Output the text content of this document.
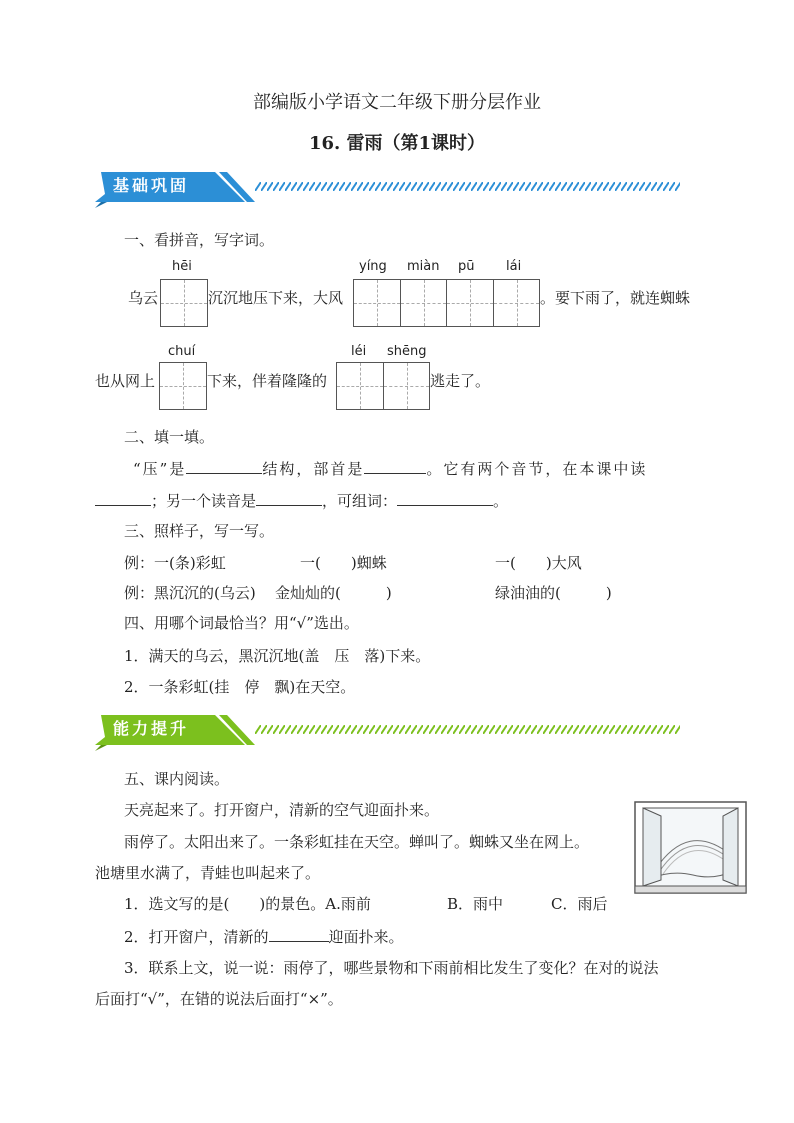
部编版小学语文二年级下册分层作业
16. 雷雨（第1课时）
基础巩固
一、看拼音，写字词。
hēi
乌云	沉沉地压下来，大风
yíng miàn pū lái
。要下雨了，就连蜘蛛
chuí
也从网上	下来，伴着隆隆的
léi shēng
逃走了。
二、填一填。
“压”是	结构，部首是	。它有两个音节，在本课中读
；另一个读音是	，可组词：	。
三、照样子，写一写。
例：一(条)彩虹	一(　　)蜘蛛	一(　　)大风
例：黑沉沉的(乌云) 金灿灿的(　　　)	绿油油的(　　　)
四、用哪个词最恰当？用“√”选出。
1．满天的乌云，黑沉沉地(盖　压　落)下来。
2．一条彩虹(挂　停　飘)在天空。
能力提升
五、课内阅读。
天亮起来了。打开窗户，清新的空气迎面扑来。
雨停了。太阳出来了。一条彩虹挂在天空。蝉叫了。蜘蛛又坐在网上。
池塘里水满了，青蛙也叫起来了。
1．选文写的是(　　)的景色。A.雨前	B．雨中	C．雨后
2．打开窗户，清新的	迎面扑来。
3．联系上文，说一说：雨停了，哪些景物和下雨前相比发生了变化？在对的说法
后面打“√”，在错的说法后面打“×”。
